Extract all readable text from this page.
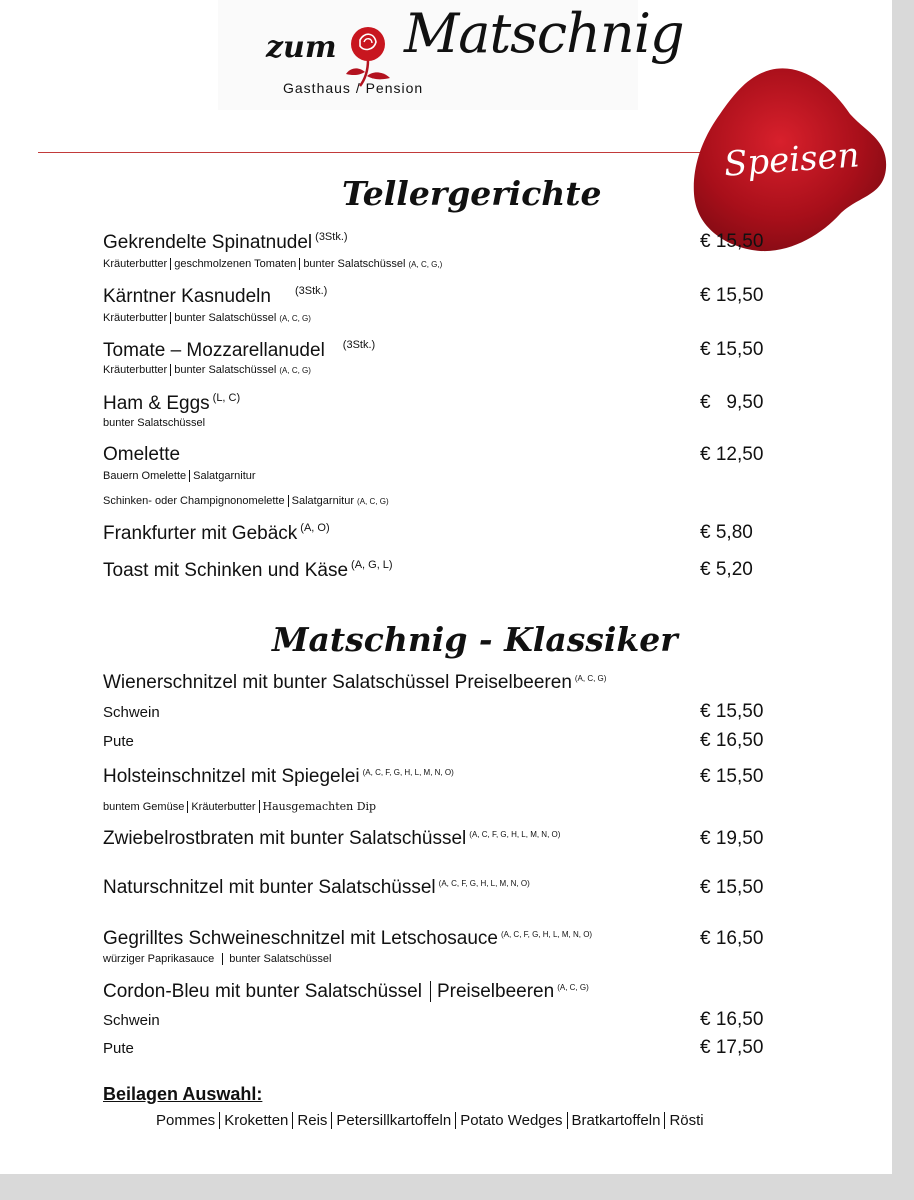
zum Matschnig
Gasthaus / Pension
Speisen
Tellergerichte
Gekrendelte Spinatnudel $^{(3Stk.)}$	€ 15,50
Kräuterbutter geschmolzenen Tomaten bunter Salatschüssel (A, C, G,)
Kärntner Kasnudeln $^{(3Stk.)}$	€ 15,50
Kräuterbutter bunter Salatschüssel (A, C, G)
Tomate – Mozzarellanudel $^{(3Stk.)}$	€ 15,50
Kräuterbutter bunter Salatschüssel (A, C, G)
Ham & Eggs $^{(L, C)}$	€   9,50
bunter Salatschüssel
Omelette	€ 12,50
Bauern Omelette Salatgarnitur
Schinken- oder Champignonomelette Salatgarnitur (A, C, G)
Frankfurter mit Gebäck $^{(A, O)}$	€ 5,80
Toast mit Schinken und Käse $^{(A, G, L)}$	€ 5,20
Matschnig - Klassiker
Wienerschnitzel mit bunter Salatschüssel Preiselbeeren $^{(A, C, G)}$
Schwein	€ 15,50
Pute	€ 16,50
Holsteinschnitzel mit Spiegelei $^{(A, C, F, G, H, L, M, N, O)}$	€ 15,50
buntem Gemüse Kräuterbutter Hausgemachten Dip
Zwiebelrostbraten mit bunter Salatschüssel $^{(A, C, F, G, H, L, M, N, O)}$	€ 19,50
Naturschnitzel mit bunter Salatschüssel $^{(A, C, F, G, H, L, M, N, O)}$	€ 15,50
Gegrilltes Schweineschnitzel mit Letschosauce $^{(A, C, F, G, H, L, M, N, O)}$	€ 16,50
würziger Paprikasauce bunter Salatschüssel
Cordon-Bleu mit bunter Salatschüssel Preiselbeeren $^{(A, C, G)}$
Schwein	€ 16,50
Pute	€ 17,50
Beilagen Auswahl:
Pommes Kroketten Reis Petersillkartoffeln Potato Wedges Bratkartoffeln Rösti
